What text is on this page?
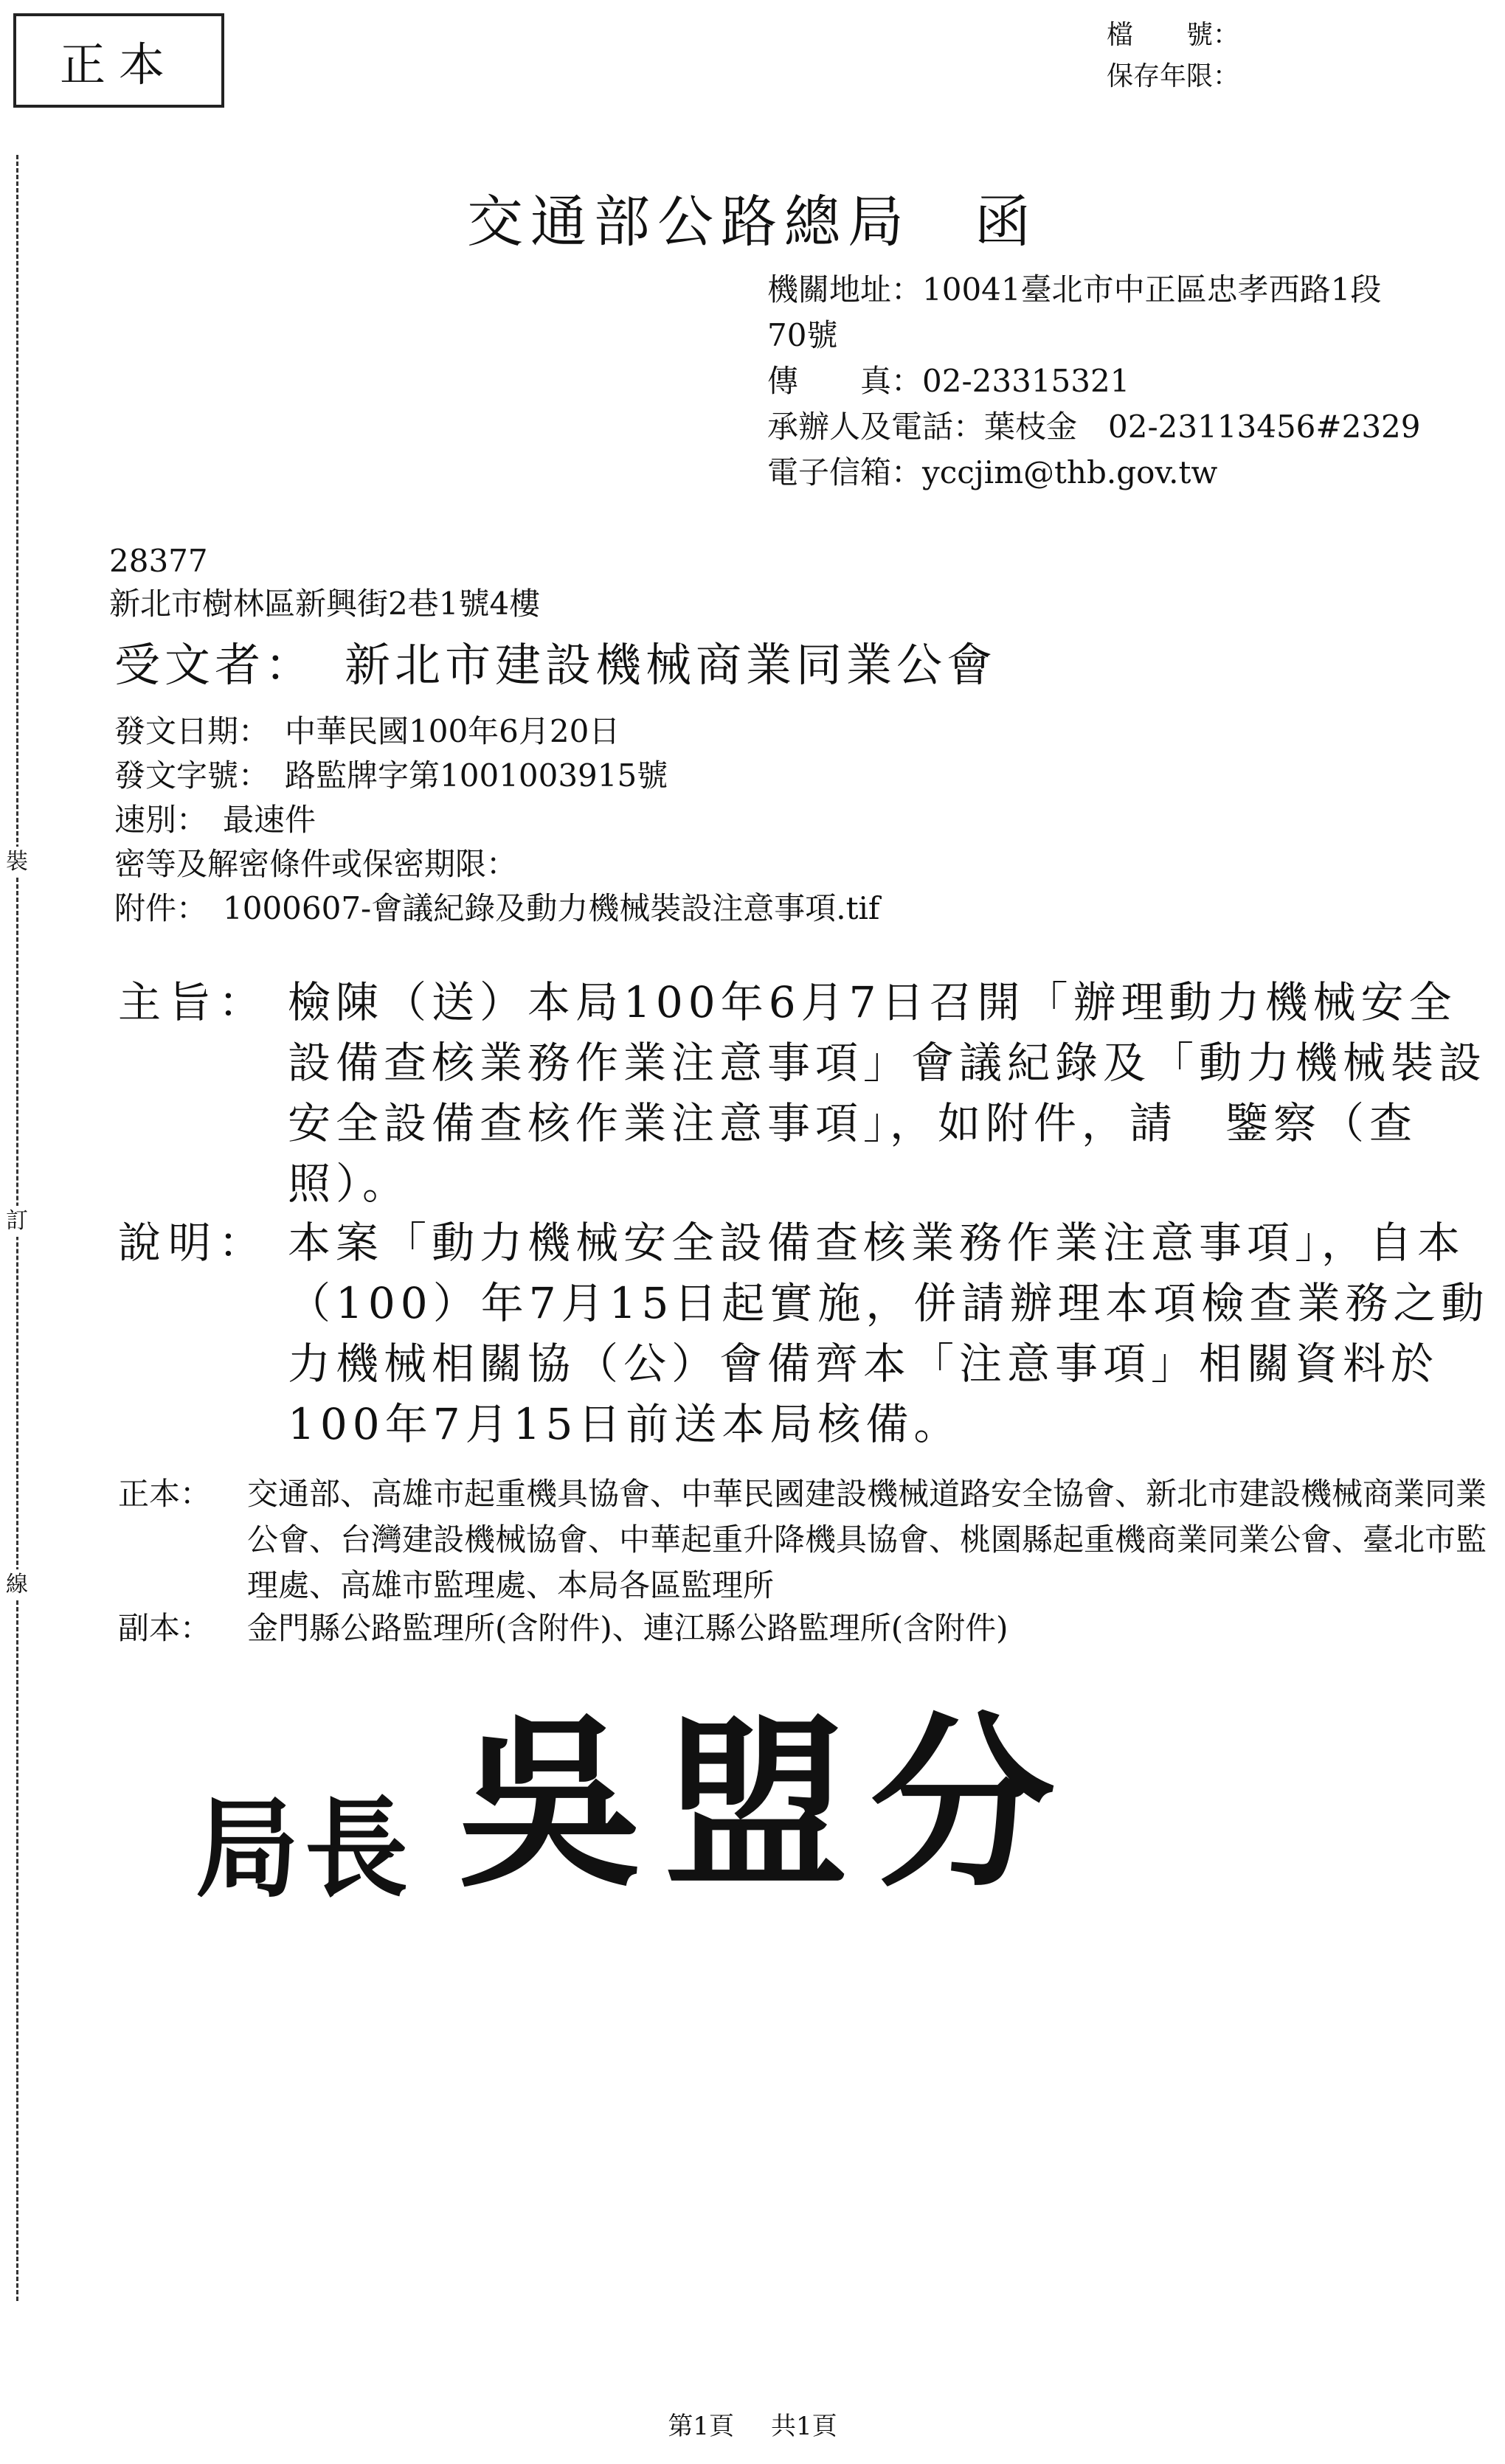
正本
檔　　號：
保存年限：
裝
訂
線
交通部公路總局　函
機關地址：10041臺北市中正區忠孝西路1段
70號
傳　　真：02-23315321
承辦人及電話：葉枝金　02-23113456#2329
電子信箱：yccjim@thb.gov.tw
28377
新北市樹林區新興街2巷1號4樓
受文者： 新北市建設機械商業同業公會
發文日期：　中華民國100年6月20日
發文字號：　路監牌字第1001003915號
速別：　最速件
密等及解密條件或保密期限：
附件：　1000607-會議紀錄及動力機械裝設注意事項.tif
主旨： 檢陳（送）本局100年6月7日召開「辦理動力機械安全設備查核業務作業注意事項」會議紀錄及「動力機械裝設安全設備查核作業注意事項」，如附件，請　鑒察（查照）。
說明： 本案「動力機械安全設備查核業務作業注意事項」，自本（100）年7月15日起實施，併請辦理本項檢查業務之動力機械相關協（公）會備齊本「注意事項」相關資料於100年7月15日前送本局核備。
正本： 交通部、高雄市起重機具協會、中華民國建設機械道路安全協會、新北市建設機械商業同業公會、台灣建設機械協會、中華起重升降機具協會、桃園縣起重機商業同業公會、臺北市監理處、高雄市監理處、本局各區監理所
副本： 金門縣公路監理所(含附件)、連江縣公路監理所(含附件)
局長 吳盟分
第1頁 共1頁
